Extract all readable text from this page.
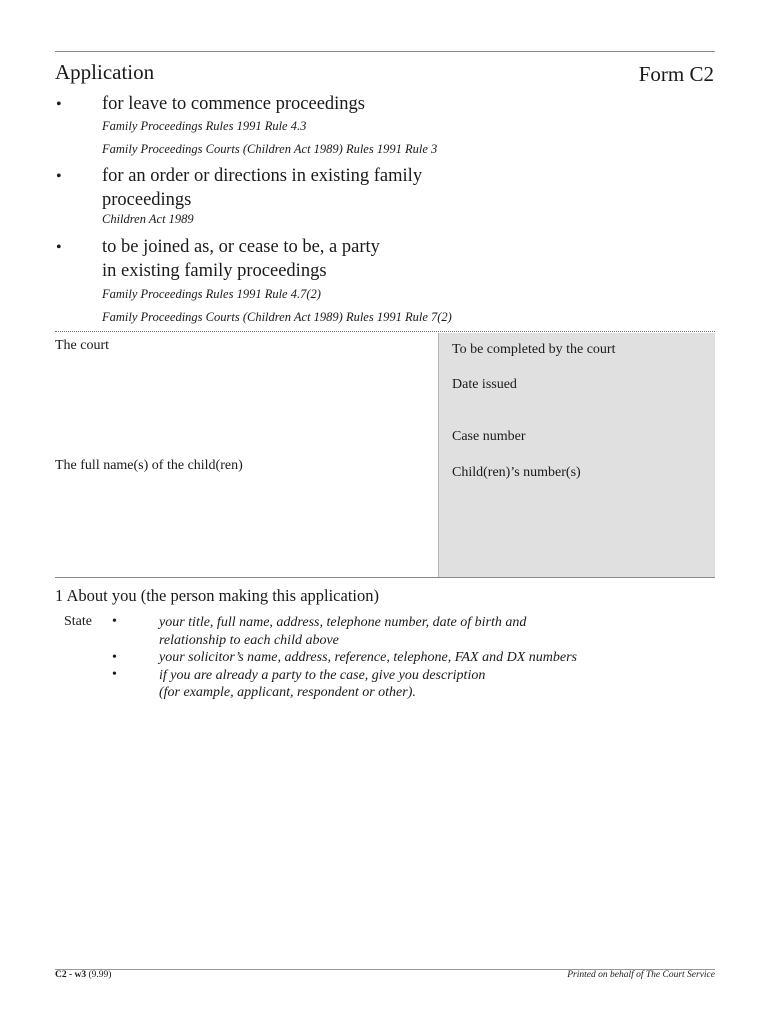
Application	Form C2
• for leave to commence proceedings
Family Proceedings Rules 1991 Rule 4.3
Family Proceedings Courts (Children Act 1989) Rules 1991 Rule 3
• for an order or directions in existing family
proceedings
Children Act 1989
• to be joined as, or cease to be, a party
in existing family proceedings
Family Proceedings Rules 1991 Rule 4.7(2)
Family Proceedings Courts (Children Act 1989) Rules 1991 Rule 7(2)
The court
The full name(s) of the child(ren)
To be completed by the court
Date issued
Case number
Child(ren)’s number(s)
1 About you (the person making this application)
State •	your title, full name, address, telephone number, date of birth and
relationship to each child above
•	your solicitor’s name, address, reference, telephone, FAX and DX numbers
•	if you are already a party to the case, give you description
(for example, applicant, respondent or other).
C2 - w3 (9.99)	Printed on behalf of The Court Service
